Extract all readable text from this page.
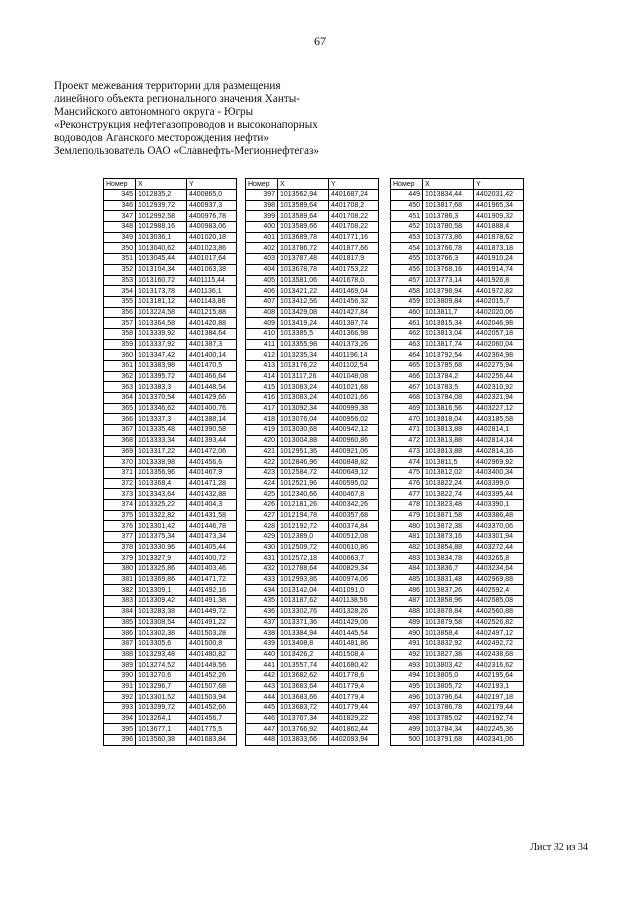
67
Проект межевания территории для размещения
линейного объекта регионального значения Ханты-
Мансийского автономного округа - Югры
«Реконструкция нефтегазопроводов и высоконапорных
водоводов Аганского месторождения нефти»
Землепользователь ОАО «Славнефть-Мегионнефтегаз»
Номер	X	Y
345	1012835,2	4400865,0
346	1012939,72	4400937,3
347	1012992,58	4400976,78
348	1012988,16	4400983,06
349	1013036,1	4401020,18
350	1013040,62	4401023,86
351	1013045,44	4401017,64
352	1013104,34	4401063,38
353	1013160,72	4401115,44
354	1013173,78	4401136,1
355	1013181,12	4401143,86
356	1013224,58	4401215,88
357	1013364,58	4401420,88
358	1013339,92	4401384,64
359	1013337,92	4401387,3
360	1013347,42	4401400,14
361	1013383,98	4401470,5
362	1013395,72	4401466,64
363	1013383,3	4401448,54
364	1013370,54	4401429,66
365	1013346,62	4401400,76
366	1013337,3	4401388,14
367	1013335,48	4401390,58
368	1013333,34	4401393,44
369	1013317,22	4401472,06
370	1013338,98	4401456,6
371	1013356,96	4401467,9
372	1013368,4	4401471,28
373	1013343,64	4401432,88
374	1013325,22	4401404,3
375	1013322,82	4401431,58
376	1013301,42	4401446,78
377	1013375,34	4401473,34
378	1013330,96	4401405,44
379	1013327,9	4401400,72
380	1013325,86	4401403,46
381	1013369,86	4401471,72
382	1013309,1	4401492,16
383	1013309,42	4401491,38
384	1013283,38	4401449,72
385	1013308,54	4401491,22
386	1013302,38	4401503,28
387	1013305,6	4401500,8
388	1013293,48	4401480,82
389	1013274,52	4401449,56
390	1013270,6	4401452,26
391	1013296,7	4401507,68
392	1013301,52	4401503,94
393	1013299,72	4401452,66
394	1013264,1	4401456,7
395	1013677,1	4401775,5
396	1013560,38	4401683,84
Номер	X	Y
397	1013562,94	4401687,24
398	1013589,64	4401708,2
399	1013589,64	4401708,22
400	1013589,66	4401708,22
401	1013689,78	4401771,16
402	1013786,72	4401877,66
403	1013787,48	4401817,9
404	1013678,78	4401753,22
405	1013581,06	4401678,0
406	1013421,22	4401469,04
407	1013412,56	4401456,32
408	1013429,08	4401427,84
409	1013419,24	4401387,74
410	1013385,5	4401366,98
411	1013355,98	4401373,26
412	1013235,34	4401196,14
413	1013176,22	4401102,54
414	1013117,26	4401048,08
415	1013083,24	4401021,68
416	1013083,24	4401021,66
417	1013092,34	4400999,38
418	1013076,04	4400956,02
419	1013030,68	4400942,12
420	1013004,88	4400960,86
421	1012951,36	4400921,06
422	1012846,96	4400848,82
423	1012584,72	4400649,12
424	1012521,96	4400595,02
425	1012340,66	4400467,8
426	1012181,26	4400342,26
427	1012194,78	4400357,68
428	1012192,72	4400374,84
429	1012389,0	4400512,08
430	1012509,72	4400610,86
431	1012572,18	4400663,7
432	1012788,64	4400829,34
433	1012993,86	4400974,06
434	1013142,04	4401091,0
435	1013187,62	4401138,56
436	1013302,76	4401328,26
437	1013371,36	4401429,06
438	1013384,94	4401445,54
439	1013408,8	4401481,86
440	1013426,2	4401508,4
441	1013557,74	4401680,42
442	1013682,62	4401778,6
443	1013683,64	4401779,4
444	1013683,66	4401779,4
445	1013683,72	4401779,44
446	1013767,34	4401829,22
447	1013766,92	4401862,44
448	1013833,66	4402093,94
Номер	X	Y
449	1013834,44	4402031,42
450	1013817,68	4401965,34
451	1013786,3	4401909,32
452	1013780,58	4401888,4
453	1013773,86	4401878,62
454	1013766,78	4401873,18
455	1013766,3	4401910,24
456	1013768,16	4401914,74
457	1013773,14	4401926,8
458	1013798,94	4401972,82
459	1013809,84	4402015,7
460	1013811,7	4402020,06
461	1013815,34	4402046,98
462	1013813,04	4402057,18
463	1013817,74	4402060,04
464	1013792,54	4402364,98
465	1013785,68	4402275,94
466	1013784,2	4402256,44
467	1013783,5	4402310,92
468	1013784,08	4402321,94
469	1013816,56	4403227,12
470	1013818,04	4403185,58
471	1013813,88	4402814,1
472	1013813,88	4402814,14
473	1013813,88	4402814,16
474	1013811,5	4402969,92
475	1013812,02	4403400,34
476	1013822,24	4403399,0
477	1013822,74	4403395,44
478	1013823,48	4403390,1
479	1013871,58	4403386,48
480	1013872,38	4403370,06
481	1013873,16	4403301,94
482	1013854,88	4403272,44
483	1013834,78	4403265,8
484	1013836,7	4403234,64
485	1013831,48	4402969,88
486	1013837,26	4402592,4
487	1013858,96	4402585,08
488	1013878,84	4402560,88
489	1013879,58	4402526,82
490	1013858,4	4402497,12
491	1013832,92	4402492,72
492	1013827,38	4402438,68
493	1013803,42	4402316,62
494	1013805,0	4402195,64
495	1013805,72	4402193,1
496	1013796,64	4402197,18
497	1013786,78	4402179,44
498	1013785,02	4402192,74
499	1013784,34	4402245,36
500	1013791,68	4402341,06
Лист 32 из 34
